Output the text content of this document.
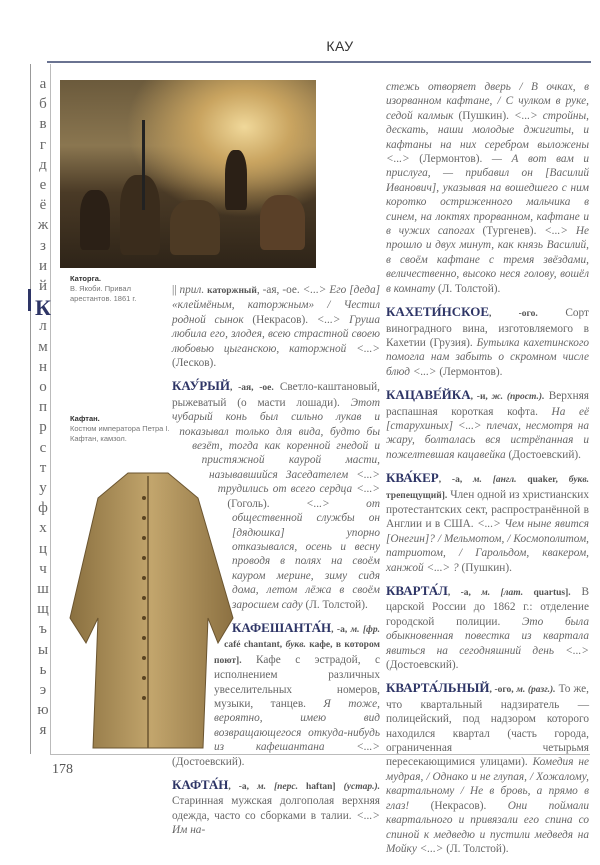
КАУ
а
б
в
г
д
е
ё
ж
з
и
й
К
л
м
н
о
п
р
с
т
у
ф
х
ц
ч
ш
щ
ъ
ы
ь
э
ю
я
178
Каторга.
В. Якоби. Привал арестантов. 1861 г.
Кафтан.
Костюм императора Петра I. Кафтан, камзол.
|| прил. каторжный, -ая, -ое. <...> Его [деда] «клеймёным, каторжным» / Честил родной сынок (Некрасов). <...> Груша любила его, злодея, всею страстной своею любовью цыганскою, каторжной <...> (Лесков).
КАУ́РЫЙ, -ая, -ое. Светло-каштановый, рыжеватый (о масти лошади). Этот чубарый конь был сильно лукав и показывал только для вида, будто бы везёт, тогда как коренной гнедой и пристяжной каурой масти, называвшийся Заседателем <...> трудились от всего сердца <...> (Гоголь). <...> от общественной службы он [дядюшка] упорно отказывался, осень и весну проводя в полях на своём кауром мерине, зиму сидя дома, летом лёжа в своём заросшем саду (Л. Толстой).
КАФЕШАНТА́Н, -а, м. [фр. café chantant, букв. кафе, в котором поют]. Кафе с эстрадой, с исполнением различных увеселительных номеров, музыки, танцев. Я тоже, вероятно, имею вид возвращающегося откуда-нибудь из кафешантана <...> (Достоевский).
КАФТА́Н, -а, м. [перс. haftan] (устар.). Старинная мужская долгополая верхняя одежда, часто со сборками в талии. <...> Им на-
стежь отворяет дверь / В очках, в изорванном кафтане, / С чулком в руке, седой калмык (Пушкин). <...> стройны, дескать, наши молодые джигиты, и кафтаны на них серебром выложены <...> (Лермонтов). — А вот вам и прислуга, — прибавил он [Василий Иванович], указывая на вошедшего с ним коротко остриженного мальчика в синем, на локтях прорванном, кафтане и в чужих сапогах (Тургенев). <...> Не прошло и двух минут, как князь Василий, в своём кафтане с тремя звёздами, величественно, высоко неся голову, вошёл в комнату (Л. Толстой).
КАХЕТИ́НСКОЕ, -ого. Сорт виноградного вина, изготовляемого в Кахетии (Грузия). Бутылка кахетинского помогла нам забыть о скромном числе блюд <...> (Лермонтов).
КАЦАВЕ́ЙКА, -и, ж. (прост.). Верхняя распашная короткая кофта. На её [старухиных] <...> плечах, несмотря на жару, болталась вся истрёпанная и пожелтевшая кацавейка (Достоевский).
КВА́КЕР, -а, м. [англ. quaker, букв. трепещущий]. Член одной из христианских протестантских сект, распространённой в Англии и в США. <...> Чем ныне явится [Онегин]? / Мельмотом, / Космополитом, патриотом, / Гарольдом, квакером, ханжой <...> ? (Пушкин).
КВАРТА́Л, -а, м. [лат. quartus]. В царской России до 1862 г.: отделение городской полиции. Это была обыкновенная повестка из квартала явиться на сегодняшний день <...> (Достоевский).
КВАРТА́ЛЬНЫЙ, -ого, м. (разг.). То же, что квартальный надзиратель — полицейский, под надзором которого находился квартал (часть города, ограниченная четырьмя пересекающимися улицами). Комедия не мудрая, / Однако и не глупая, / Хожалому, квартальному / Не в бровь, а прямо в глаз! (Некрасов). Они поймали квартального и привязали его спина со спиной к медведю и пустили медведя на Мойку <...> (Л. Толстой).
